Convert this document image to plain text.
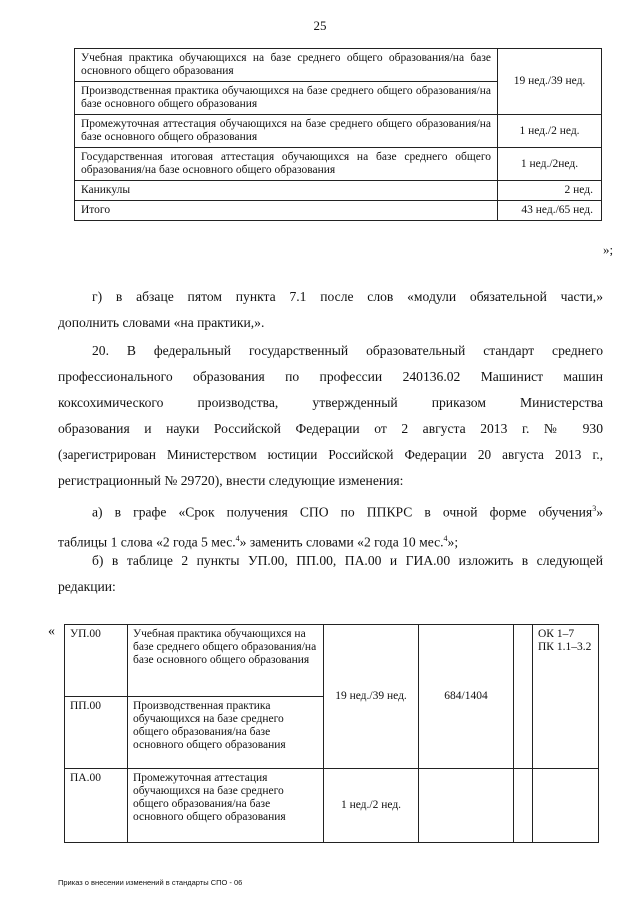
25
Учебная практика обучающихся на базе среднего общего образования/на базе основного общего образования	19 нед./39 нед.
Производственная практика обучающихся на базе среднего общего образования/на базе основного общего образования	
Промежуточная аттестация обучающихся на базе среднего общего образования/на базе основного общего образования	1 нед./2 нед.
Государственная итоговая аттестация обучающихся на базе среднего общего образования/на базе основного общего образования	1 нед./2нед.
Каникулы	2 нед.
Итого	43 нед./65 нед.
»;
г) в абзаце пятом пункта 7.1 после слов «модули обязательной части,»
дополнить словами «на практики,».
20. В федеральный государственный образовательный стандарт среднего
профессионального образования по профессии 240136.02 Машинист машин
коксохимического производства, утвержденный приказом Министерства
образования и науки Российской Федерации от 2 августа 2013 г. № 930
(зарегистрирован Министерством юстиции Российской Федерации 20 августа 2013 г.,
регистрационный № 29720), внести следующие изменения:
а) в графе «Срок получения СПО по ППКРС в очной форме обучения$^3$»
таблицы 1 слова «2 года 5 мес.$^4$» заменить словами «2 года 10 мес.$^4$»;
б) в таблице 2 пункты УП.00, ПП.00, ПА.00 и ГИА.00 изложить в следующей
редакции:
« УП.00	Учебная практика обучающихся на базе среднего общего образования/на базе основного общего образования	19 нед./39 нед.	684/1404		ОК 1–7
ПК 1.1–3.2

ПП.00	Производственная практика обучающихся на базе среднего общего образования/на базе основного общего образования				
ПА.00	Промежуточная аттестация обучающихся на базе среднего общего образования/на базе основного общего образования	1 нед./2 нед.			
Приказ о внесении изменений в стандарты СПО - 06
